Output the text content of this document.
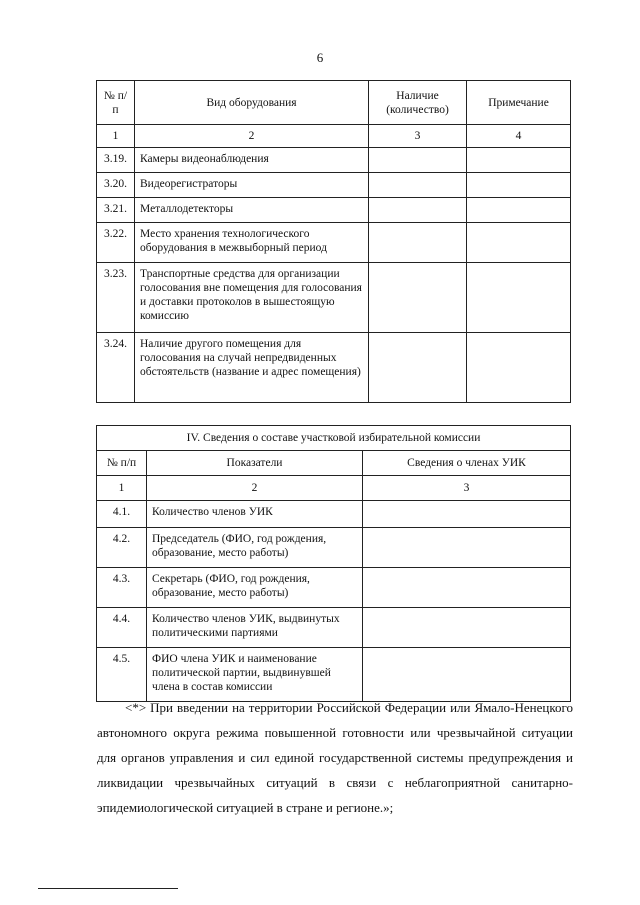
6
№ п/п	Вид оборудования	Наличие (количество)	Примечание
1	2	3	4
3.19.	Камеры видеонаблюдения		
3.20.	Видеорегистраторы		
3.21.	Металлодетекторы		
3.22.	Место хранения технологического оборудования в межвыборный период		
3.23.	Транспортные средства для организации голосования вне помещения для голосования и доставки протоколов в вышестоящую комиссию		
3.24.	Наличие другого помещения для голосования на случай непредвиденных обстоятельств (название и адрес помещения)		
IV. Сведения о составе участковой избирательной комиссии		
№ п/п	Показатели	Сведения о членах УИК
1	2	3
4.1.	Количество членов УИК	
4.2.	Председатель (ФИО, год рождения, образование, место работы)	
4.3.	Секретарь (ФИО, год рождения, образование, место работы)	
4.4.	Количество членов УИК, выдвинутых политическими партиями	
4.5.	ФИО члена УИК и наименование политической партии, выдвинувшей члена в состав комиссии	

<*> При введении на территории Российской Федерации или Ямало-Ненецкого автономного округа режима повышенной готовности или чрезвычайной ситуации для органов управления и сил единой государственной системы предупреждения и ликвидации чрезвычайных ситуаций в связи с неблагоприятной санитарно-эпидемиологической ситуацией в стране и регионе.»;
